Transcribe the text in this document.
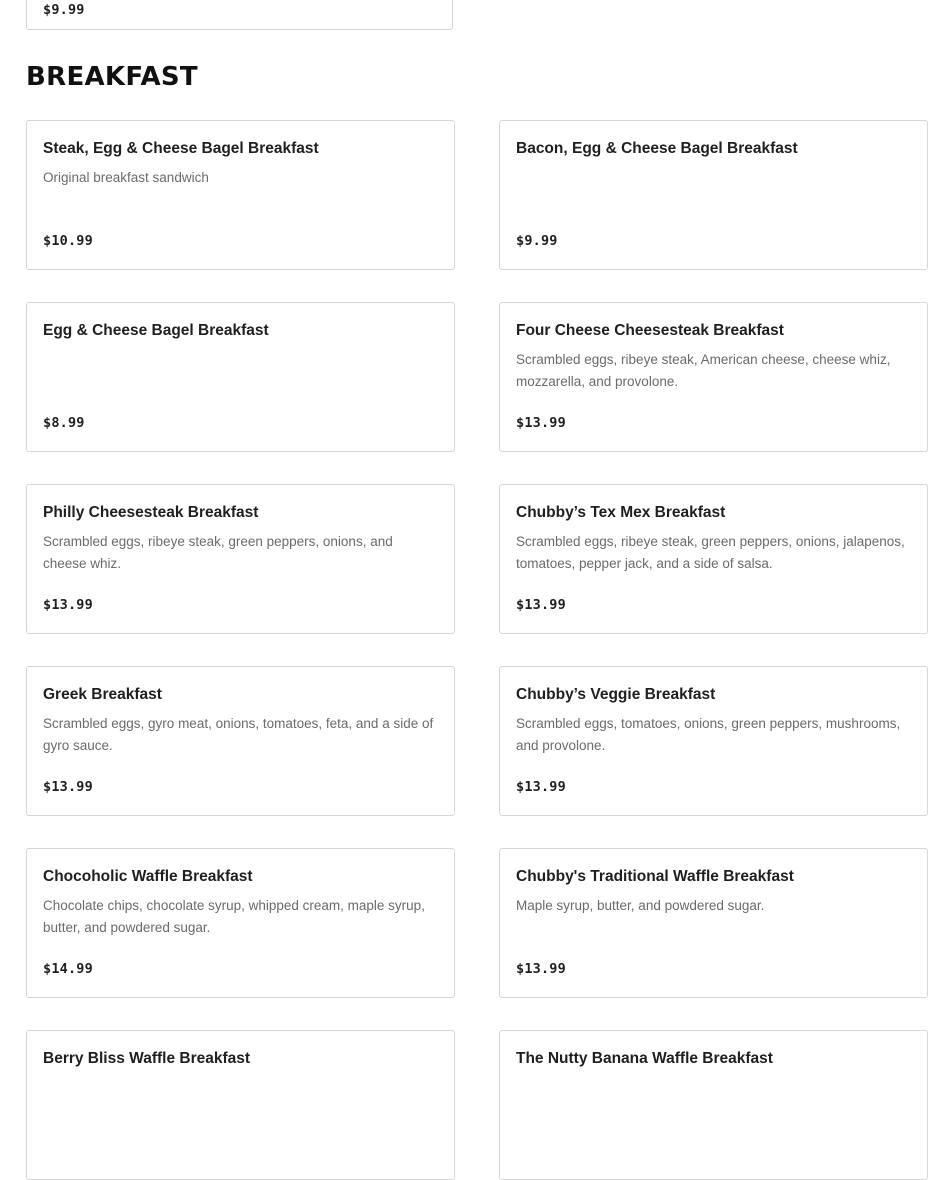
$9.99
BREAKFAST
Steak, Egg & Cheese Bagel Breakfast
Original breakfast sandwich
$10.99
Bacon, Egg & Cheese Bagel Breakfast
$9.99
Egg & Cheese Bagel Breakfast
$8.99
Four Cheese Cheesesteak Breakfast
Scrambled eggs, ribeye steak, American cheese, cheese whiz, mozzarella, and provolone.
$13.99
Philly Cheesesteak Breakfast
Scrambled eggs, ribeye steak, green peppers, onions, and cheese whiz.
$13.99
Chubby’s Tex Mex Breakfast
Scrambled eggs, ribeye steak, green peppers, onions, jalapenos, tomatoes, pepper jack, and a side of salsa.
$13.99
Greek Breakfast
Scrambled eggs, gyro meat, onions, tomatoes, feta, and a side of gyro sauce.
$13.99
Chubby’s Veggie Breakfast
Scrambled eggs, tomatoes, onions, green peppers, mushrooms, and provolone.
$13.99
Chocoholic Waffle Breakfast
Chocolate chips, chocolate syrup, whipped cream, maple syrup, butter, and powdered sugar.
$14.99
Chubby's Traditional Waffle Breakfast
Maple syrup, butter, and powdered sugar.
$13.99
Berry Bliss Waffle Breakfast	The Nutty Banana Waffle Breakfast
